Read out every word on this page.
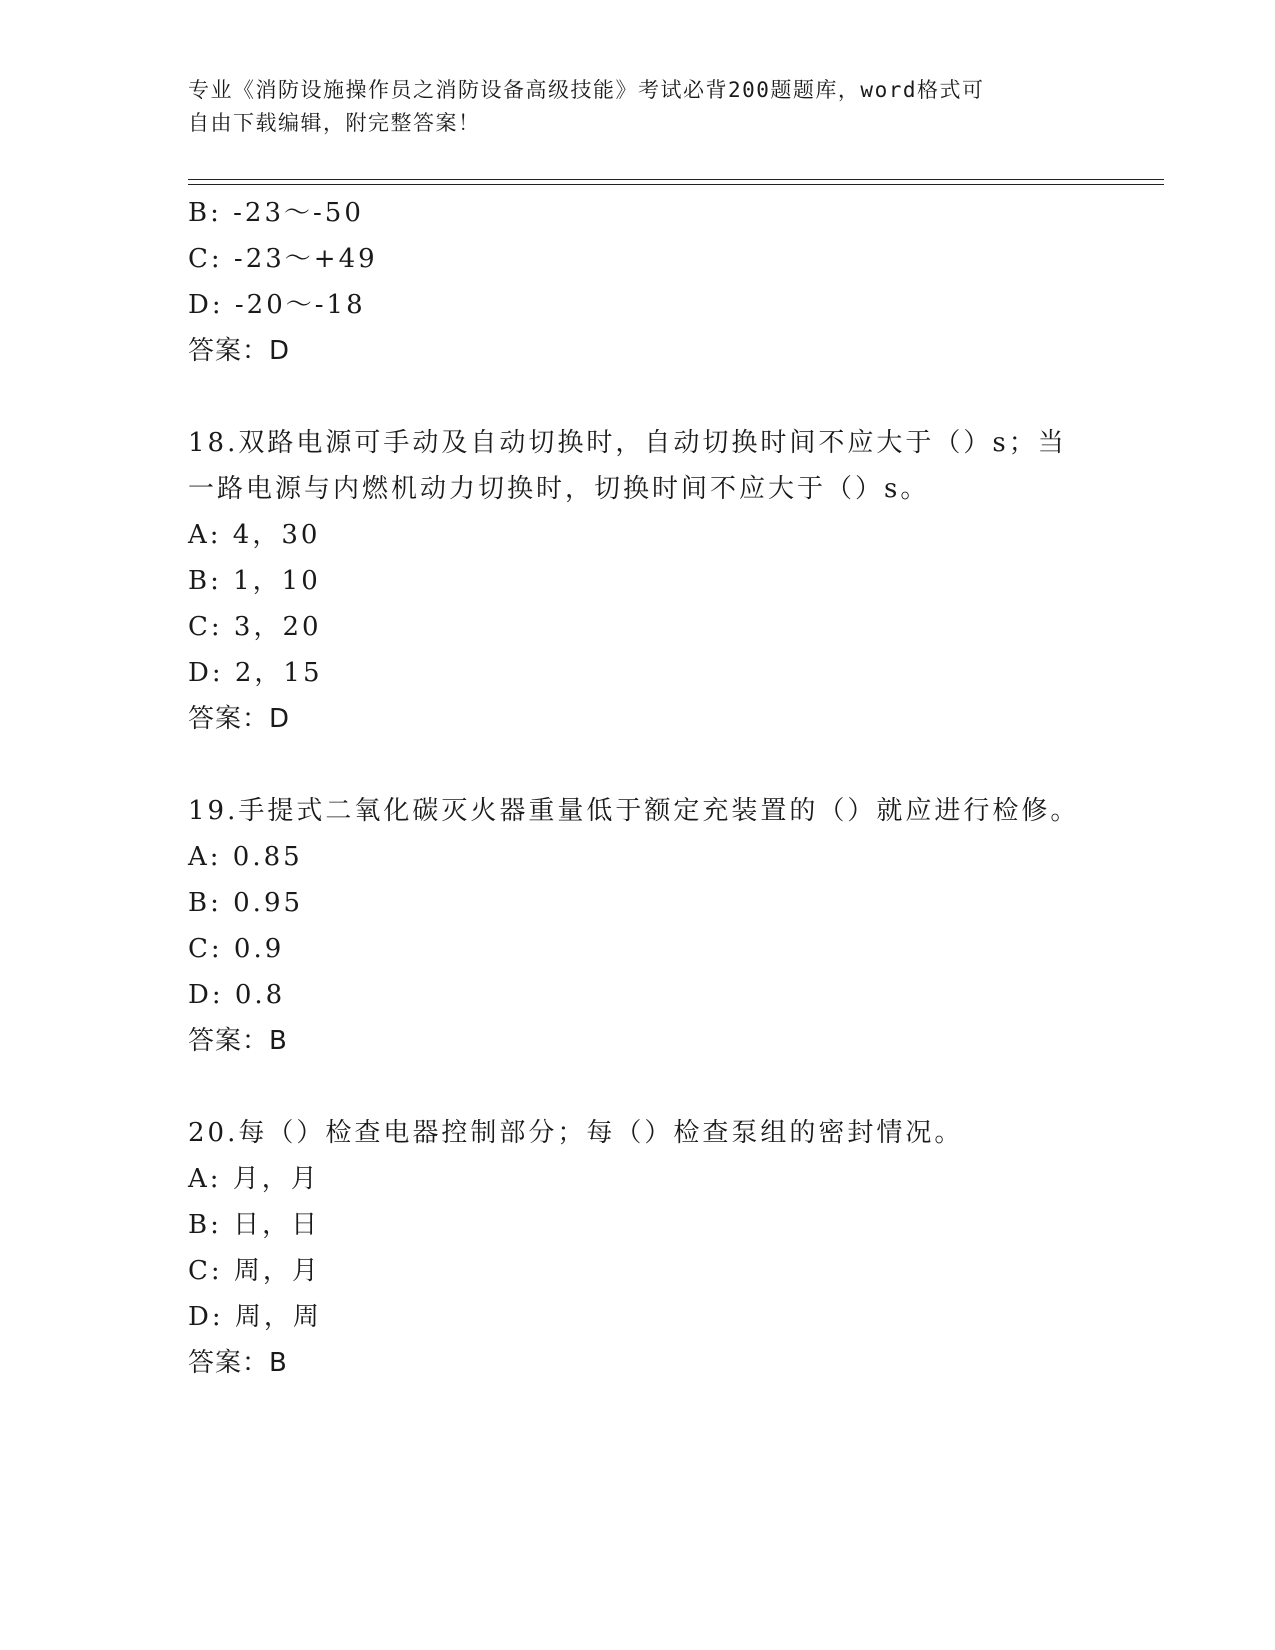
专业《消防设施操作员之消防设备高级技能》考试必背200题题库，word格式可
自由下载编辑，附完整答案！
B: -23～-50
C: -23～+49
D: -20～-18
答案：D
18.双路电源可手动及自动切换时，自动切换时间不应大于（）s；当
一路电源与内燃机动力切换时，切换时间不应大于（）s。
A: 4，30
B: 1，10
C: 3，20
D: 2，15
答案：D
19.手提式二氧化碳灭火器重量低于额定充装置的（）就应进行检修。
A: 0.85
B: 0.95
C: 0.9
D: 0.8
答案：B
20.每（）检查电器控制部分；每（）检查泵组的密封情况。
A: 月，月
B: 日，日
C: 周，月
D: 周，周
答案：B
